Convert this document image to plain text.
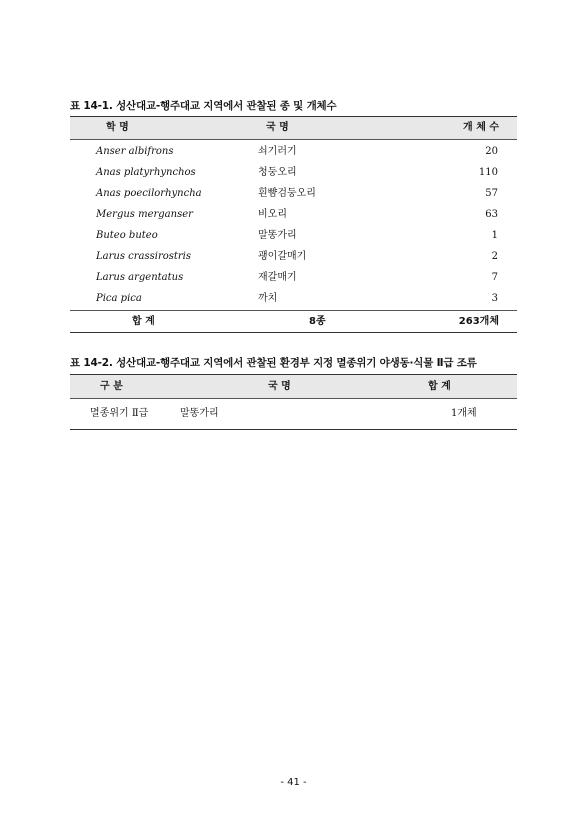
표 14-1. 성산대교-행주대교 지역에서 관찰된 종 및 개체수
학 명	국 명	개 체 수
Anser albifrons	쇠기러기	20
Anas platyrhynchos	청둥오리	110
Anas poecilorhyncha	흰뺨검둥오리	57
Mergus merganser	비오리	63
Buteo buteo	말똥가리	1
Larus crassirostris	괭이갈매기	2
Larus argentatus	재갈매기	7
Pica pica	까치	3
합 계	8종	263개체
표 14-2. 성산대교-행주대교 지역에서 관찰된 환경부 지정 멸종위기 야생동·식물 Ⅱ급 조류
구 분	국 명	합 계
멸종위기 Ⅱ급	말똥가리	1개체
- 41 -
